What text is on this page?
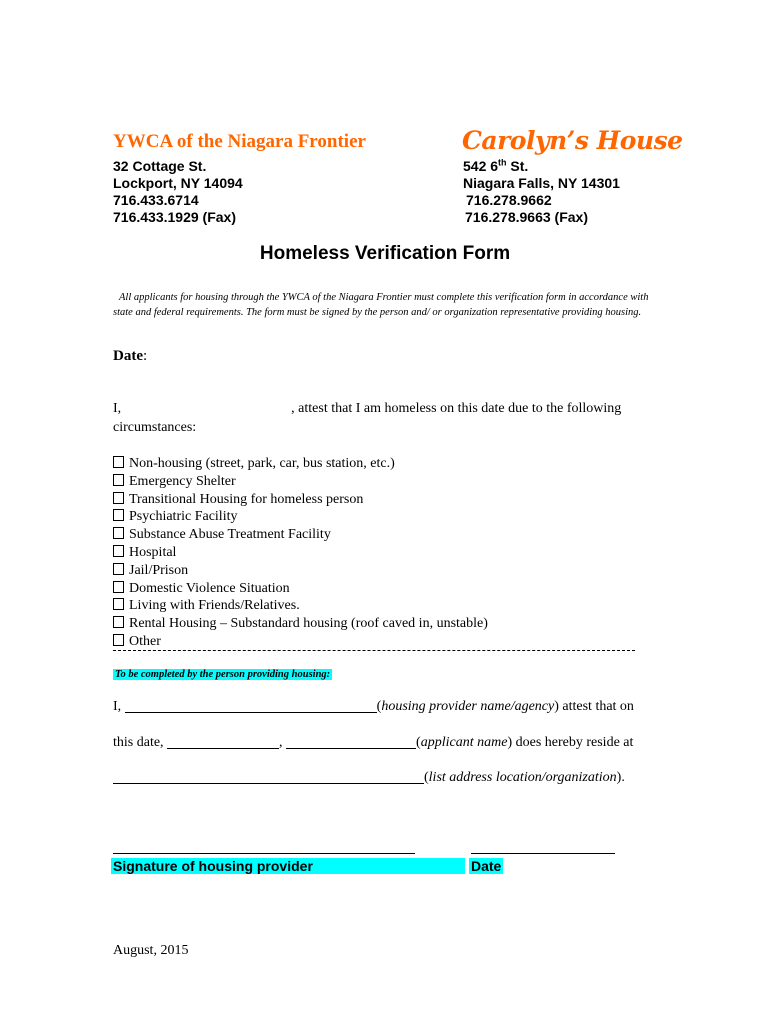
YWCA of the Niagara Frontier	Carolyn’s House
32 Cottage St.
Lockport, NY 14094
716.433.6714
716.433.1929 (Fax)
542 6th St.
Niagara Falls, NY 14301
716.278.9662
716.278.9663 (Fax)
Homeless Verification Form
All applicants for housing through the YWCA of the Niagara Frontier must complete this verification form in accordance with state and federal requirements. The form must be signed by the person and/ or organization representative providing housing.
Date:
I,	, attest that I am homeless on this date due to the following circumstances:
Non-housing (street, park, car, bus station, etc.)
Emergency Shelter
Transitional Housing for homeless person
Psychiatric Facility
Substance Abuse Treatment Facility
Hospital
Jail/Prison
Domestic Violence Situation
Living with Friends/Relatives.
Rental Housing – Substandard housing (roof caved in, unstable)
Other
To be completed by the person providing housing:
I,	(housing provider name/agency) attest that on
this date,	,	(applicant name) does hereby reside at
(list address location/organization).
Signature of housing provider	Date
August, 2015
